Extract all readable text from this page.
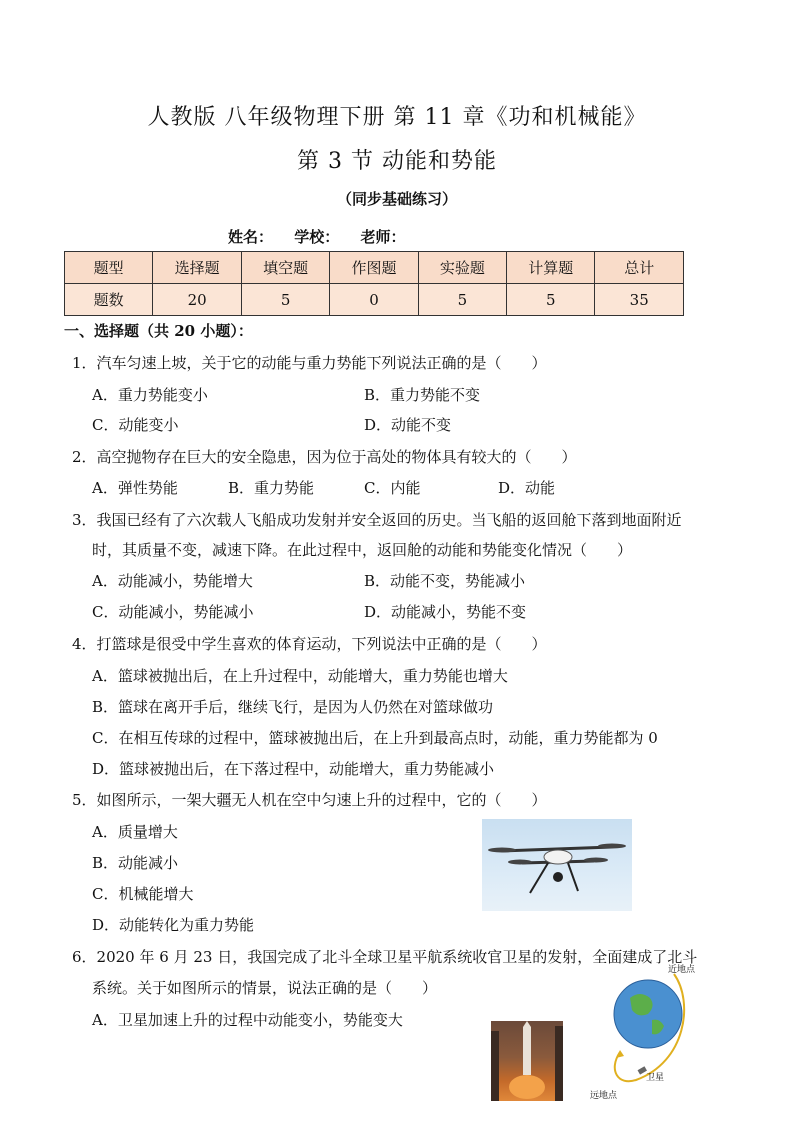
人教版 八年级物理下册 第 11 章《功和机械能》
第 3 节 动能和势能
（同步基础练习）
姓名： 学校： 老师：
题型	选择题	填空题	作图题	实验题	计算题	总计
题数	20	5	0	5	5	35
一、选择题（共 20 小题）：
1．汽车匀速上坡，关于它的动能与重力势能下列说法正确的是（　　）
A．重力势能变小	B．重力势能不变
C．动能变小	D．动能不变
2．高空抛物存在巨大的安全隐患，因为位于高处的物体具有较大的（　　）
A．弹性势能	B．重力势能	C．内能	D．动能
3．我国已经有了六次载人飞船成功发射并安全返回的历史。当飞船的返回舱下落到地面附近
时，其质量不变，减速下降。在此过程中，返回舱的动能和势能变化情况（　　）
A．动能减小，势能增大	B．动能不变，势能减小
C．动能减小，势能减小	D．动能减小，势能不变
4．打篮球是很受中学生喜欢的体育运动，下列说法中正确的是（　　）
A．篮球被抛出后，在上升过程中，动能增大，重力势能也增大
B．篮球在离开手后，继续飞行，是因为人仍然在对篮球做功
C．在相互传球的过程中，篮球被抛出后，在上升到最高点时，动能，重力势能都为 0
D．篮球被抛出后，在下落过程中，动能增大，重力势能减小
5．如图所示，一架大疆无人机在空中匀速上升的过程中，它的（　　）
A．质量增大
B．动能减小
C．机械能增大
D．动能转化为重力势能
6．2020 年 6 月 23 日，我国完成了北斗全球卫星平航系统收官卫星的发射，全面建成了北斗
系统。关于如图所示的情景，说法正确的是（　　）
A．卫星加速上升的过程中动能变小，势能变大
近地点
卫星
远地点
